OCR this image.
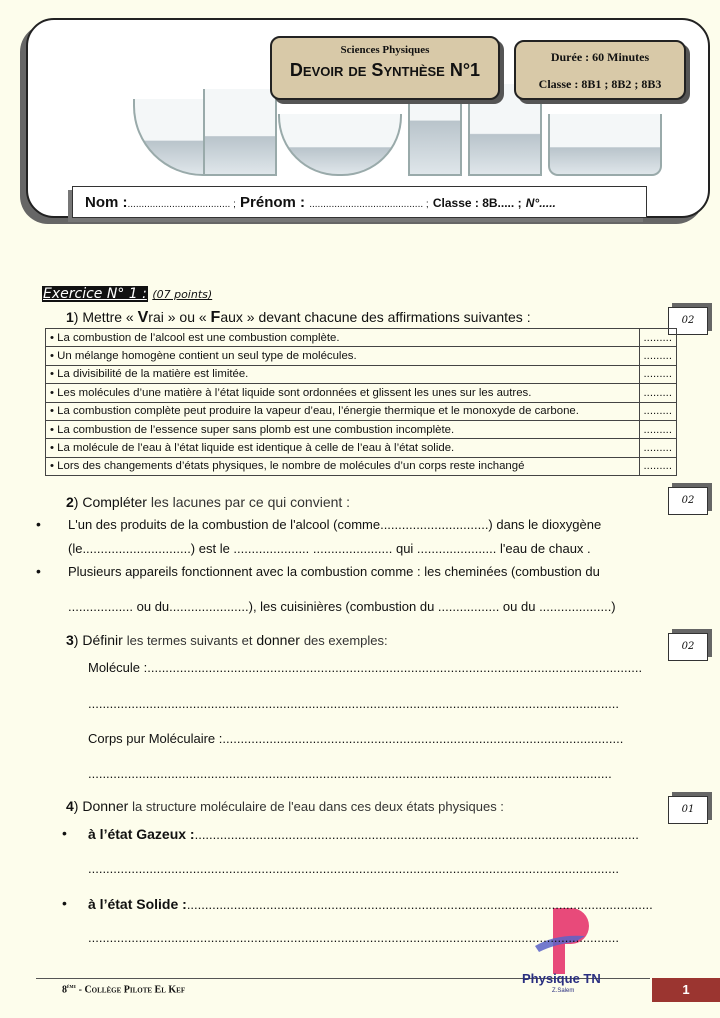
Sciences Physiques
Devoir de Synthèse N°1
Durée : 60 Minutes
Classe : 8B1 ; 8B2 ; 8B3
Nom :..................................... ; Prénom : ......................................... ; Classe : 8B..... ; N°.....
Exercice N° 1 : (07 points)
1) Mettre « Vrai » ou « Faux » devant chacune des affirmations suivantes :	02
• La combustion de l’alcool est une combustion complète.	.........
• Un mélange homogène contient un seul type de molécules.	.........
• La divisibilité de la matière est limitée.	.........
• Les molécules d’une matière à l’état liquide sont ordonnées et glissent les unes sur les autres.	.........
• La combustion complète peut produire la vapeur d’eau, l’énergie thermique et le monoxyde de carbone.	.........
• La combustion de l’essence super sans plomb est une combustion incomplète.	.........
• La molécule de l’eau à l’état liquide est identique à celle de l’eau à l’état solide.	.........
• Lors des changements d’états physiques, le nombre de molécules d’un corps reste inchangé	.........
2) Compléter les lacunes par ce qui convient :	02
• L'un des produits de la combustion de l'alcool (comme..............................) dans le dioxygène
(le..............................) est le ..................... ...................... qui ...................... l'eau de chaux .
• Plusieurs appareils fonctionnent avec la combustion comme : les cheminées (combustion du
.................. ou du......................), les cuisinières (combustion du ................. ou du ....................)
3) Définir les termes suivants et donner des exemples:	02
Molécule :.........................................................................................................................................
...................................................................................................................................................
Corps pur Moléculaire :...............................................................................................................
.................................................................................................................................................
4) Donner la structure moléculaire de l'eau dans ces deux états physiques :	01
• à l’état Gazeux :...........................................................................................................................
...................................................................................................................................................
• à l’état Solide :.................................................................................................................................
...................................................................................................................................................
Physique TN
Z.Salem
8ème - Collège Pilote El Kef	1
